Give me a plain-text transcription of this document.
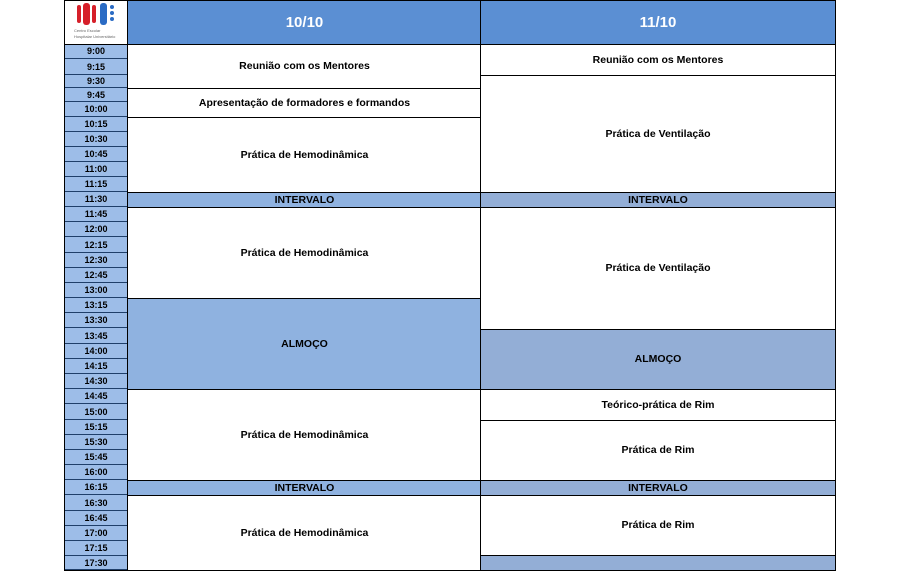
Centro Escolar
Hospitalar Universitário
10/10	11/10
9:00
9:15
9:30
9:45
10:00
10:15
10:30
10:45
11:00
11:15
11:30
11:45
12:00
12:15
12:30
12:45
13:00
13:15
13:30
13:45
14:00
14:15
14:30
14:45
15:00
15:15
15:30
15:45
16:00
16:15
16:30
16:45
17:00
17:15
17:30
Reunião com os Mentores
Apresentação de formadores e formandos
Prática de Hemodinâmica
INTERVALO
Prática de Hemodinâmica
ALMOÇO
Prática de Hemodinâmica
INTERVALO
Prática de Hemodinâmica
Reunião com os Mentores
Prática de Ventilação
INTERVALO
Prática de Ventilação
ALMOÇO
Teórico-prática de Rim
Prática de Rim
INTERVALO
Prática de Rim
